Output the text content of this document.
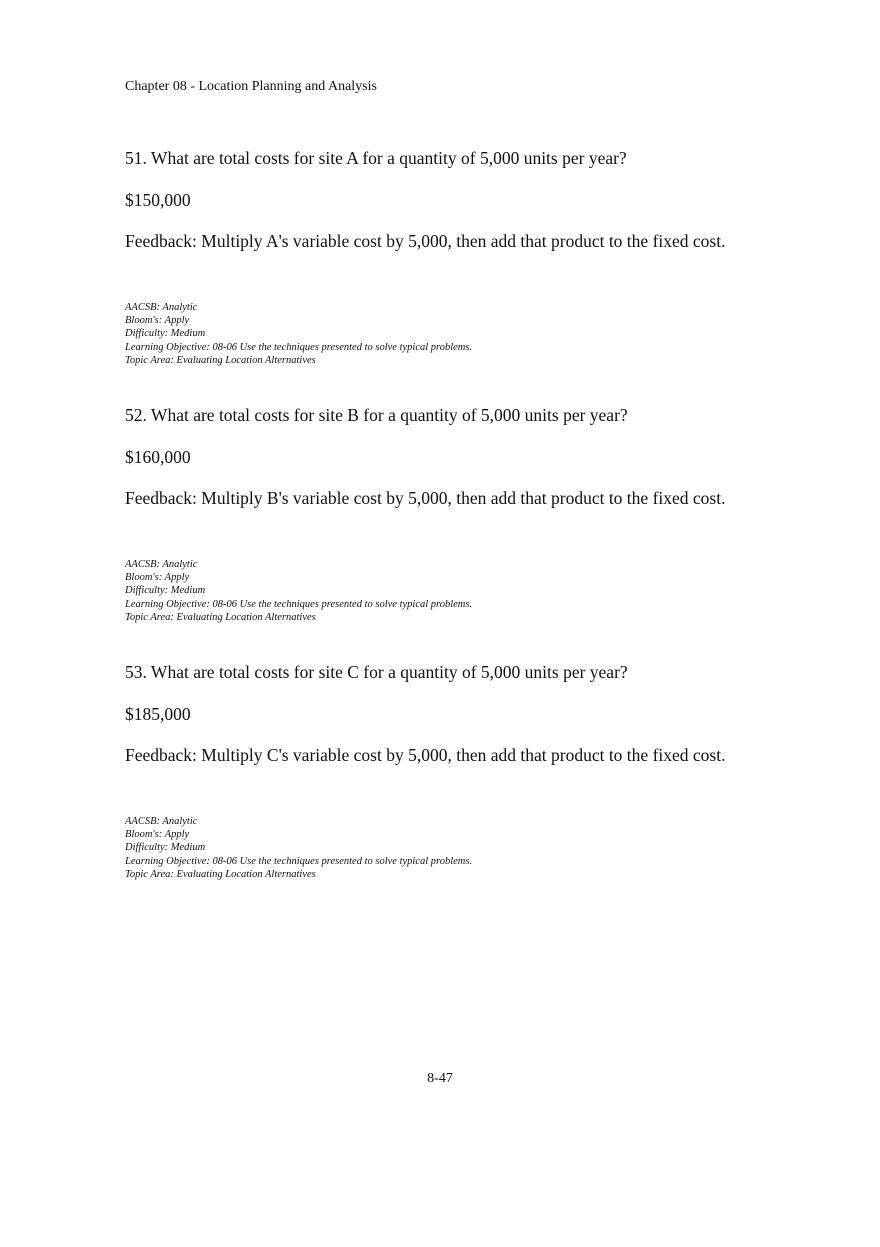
Chapter 08 - Location Planning and Analysis
51. What are total costs for site A for a quantity of 5,000 units per year?
$150,000
Feedback: Multiply A's variable cost by 5,000, then add that product to the fixed cost.
AACSB: Analytic
Bloom's: Apply
Difficulty: Medium
Learning Objective: 08-06 Use the techniques presented to solve typical problems.
Topic Area: Evaluating Location Alternatives
52. What are total costs for site B for a quantity of 5,000 units per year?
$160,000
Feedback: Multiply B's variable cost by 5,000, then add that product to the fixed cost.
AACSB: Analytic
Bloom's: Apply
Difficulty: Medium
Learning Objective: 08-06 Use the techniques presented to solve typical problems.
Topic Area: Evaluating Location Alternatives
53. What are total costs for site C for a quantity of 5,000 units per year?
$185,000
Feedback: Multiply C's variable cost by 5,000, then add that product to the fixed cost.
AACSB: Analytic
Bloom's: Apply
Difficulty: Medium
Learning Objective: 08-06 Use the techniques presented to solve typical problems.
Topic Area: Evaluating Location Alternatives
8-47
